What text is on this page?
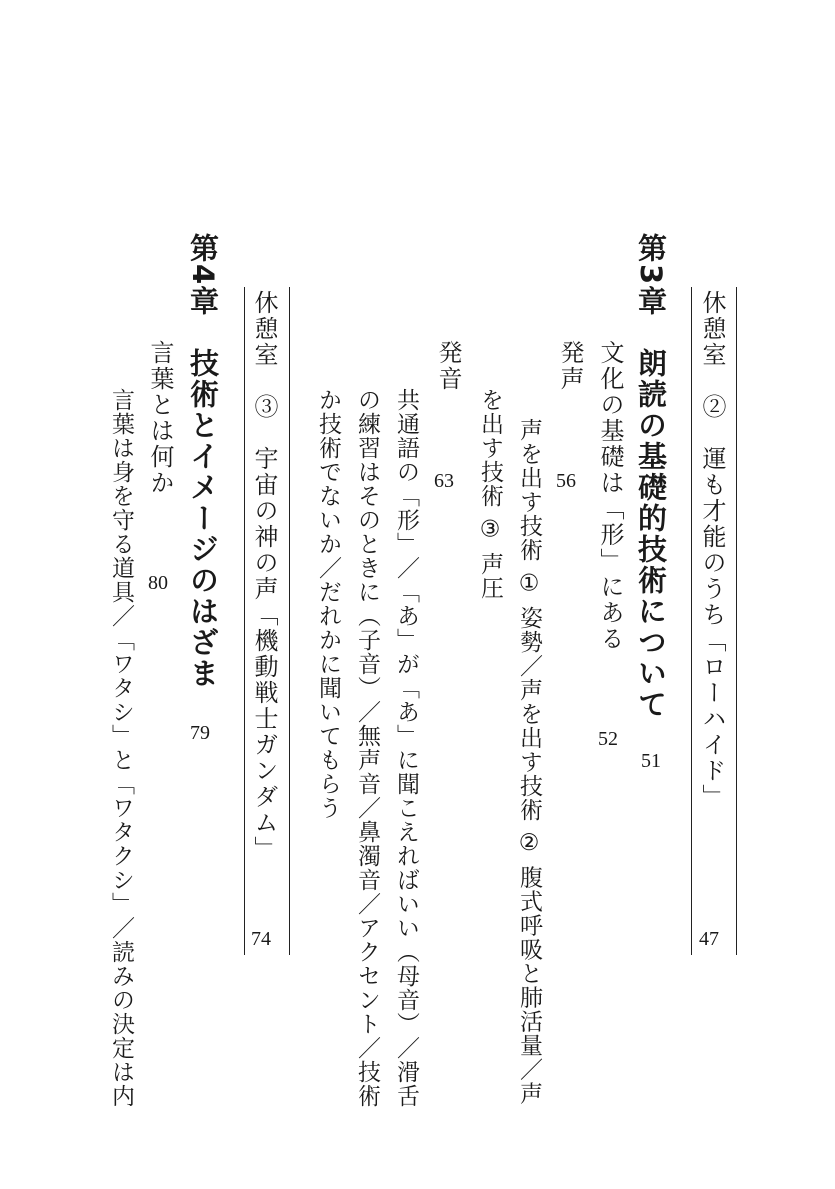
休憩室　②　運も才能のうち「ローハイド」

47

第3章　朗読の基礎的技術について

51

文化の基礎は「形」にある

52

発声

56

声を出す技術 ① 姿勢／声を出す技術 ② 腹式呼吸と肺活量／声

を出す技術 ③ 声圧

発音

63

共通語の「形」／「あ」が「あ」に聞こえればいい（母音）／滑舌

の練習はそのときに（子音）／無声音／鼻濁音／アクセント／技術

か技術でないか／だれかに聞いてもらう

休憩室　③　宇宙の神の声「機動戦士ガンダム」

74

第4章　技術とイメージのはざま

79

言葉とは何か

80

言葉は身を守る道具／「ワタシ」と「ワタクシ」／読みの決定は内
